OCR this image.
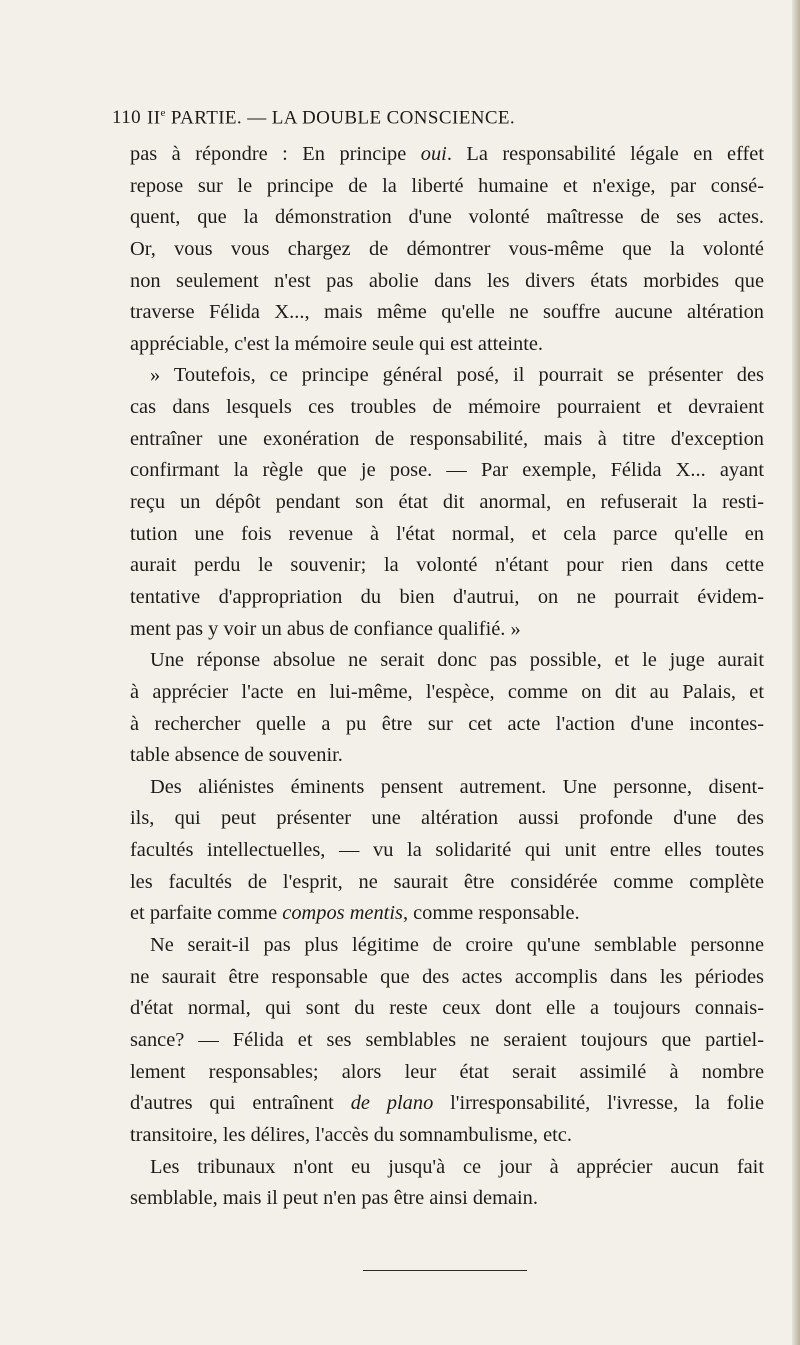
110 IIe PARTIE. — LA DOUBLE CONSCIENCE.
pas à répondre : En principe oui. La responsabilité légale en effet
repose sur le principe de la liberté humaine et n'exige, par consé-
quent, que la démonstration d'une volonté maîtresse de ses actes.
Or, vous vous chargez de démontrer vous-même que la volonté
non seulement n'est pas abolie dans les divers états morbides que
traverse Félida X..., mais même qu'elle ne souffre aucune altération
appréciable, c'est la mémoire seule qui est atteinte.
» Toutefois, ce principe général posé, il pourrait se présenter des
cas dans lesquels ces troubles de mémoire pourraient et devraient
entraîner une exonération de responsabilité, mais à titre d'exception
confirmant la règle que je pose. — Par exemple, Félida X... ayant
reçu un dépôt pendant son état dit anormal, en refuserait la resti-
tution une fois revenue à l'état normal, et cela parce qu'elle en
aurait perdu le souvenir; la volonté n'étant pour rien dans cette
tentative d'appropriation du bien d'autrui, on ne pourrait évidem-
ment pas y voir un abus de confiance qualifié. »
Une réponse absolue ne serait donc pas possible, et le juge aurait
à apprécier l'acte en lui-même, l'espèce, comme on dit au Palais, et
à rechercher quelle a pu être sur cet acte l'action d'une incontes-
table absence de souvenir.
Des aliénistes éminents pensent autrement. Une personne, disent-
ils, qui peut présenter une altération aussi profonde d'une des
facultés intellectuelles, — vu la solidarité qui unit entre elles toutes
les facultés de l'esprit, ne saurait être considérée comme complète
et parfaite comme compos mentis, comme responsable.
Ne serait-il pas plus légitime de croire qu'une semblable personne
ne saurait être responsable que des actes accomplis dans les périodes
d'état normal, qui sont du reste ceux dont elle a toujours connais-
sance? — Félida et ses semblables ne seraient toujours que partiel-
lement responsables; alors leur état serait assimilé à nombre
d'autres qui entraînent de plano l'irresponsabilité, l'ivresse, la folie
transitoire, les délires, l'accès du somnambulisme, etc.
Les tribunaux n'ont eu jusqu'à ce jour à apprécier aucun fait
semblable, mais il peut n'en pas être ainsi demain.
